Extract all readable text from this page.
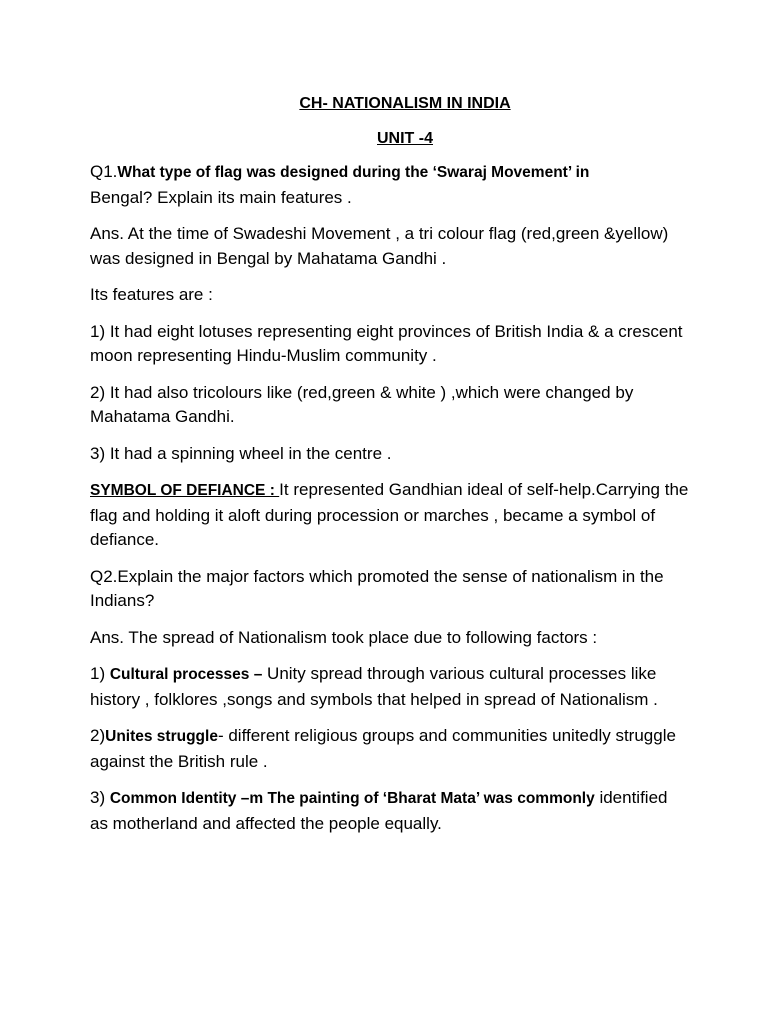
CH- NATIONALISM IN INDIA

UNIT -4

Q1.What type of flag was designed during the ‘Swaraj Movement’ in
Bengal? Explain its main features .

Ans. At the time of Swadeshi Movement , a tri colour flag (red,green &yellow) was designed in Bengal by Mahatama Gandhi .

Its features are :

1) It had eight lotuses representing eight provinces of British India & a crescent moon representing Hindu-Muslim community .

2) It had also tricolours like (red,green & white ) ,which were changed by Mahatama Gandhi.

3) It had a spinning wheel in the centre .

SYMBOL OF DEFIANCE : It represented Gandhian ideal of self-help.Carrying the flag and holding it aloft during procession or marches , became a symbol of defiance.

Q2.Explain the major factors which promoted the sense of nationalism in the Indians?

Ans. The spread of Nationalism took place due to following factors :

1) Cultural processes – Unity spread through various cultural processes like history , folklores ,songs and symbols that helped in spread of Nationalism .

2)Unites struggle- different religious groups and communities unitedly struggle against the British rule .

3) Common Identity –m The painting of ‘Bharat Mata’ was commonly identified as motherland and affected the people equally.
